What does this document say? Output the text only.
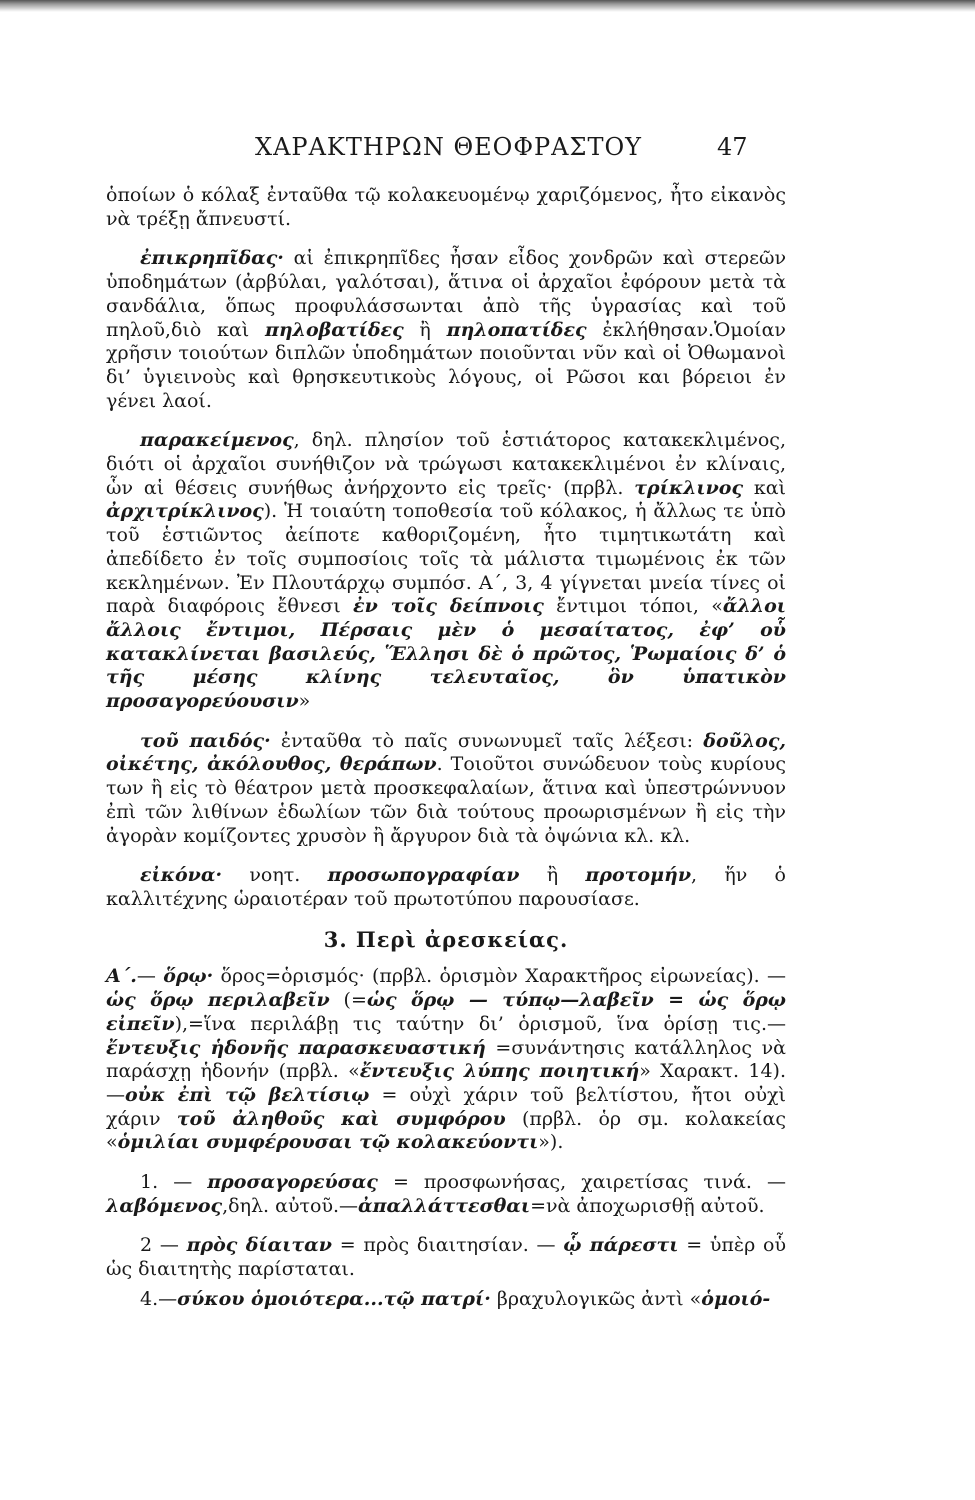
ΧΑΡΑΚΤΗΡΩΝ ΘΕΟΦΡΑΣΤΟΥ	47

ὁποίων ὁ κόλαξ ἐνταῦθα τῷ κολακευομένῳ χαριζόμενος, ἦτο εἰκανὸς νὰ τρέξῃ ἄπνευστί.

ἐπικρηπῖδας· αἱ ἐπικρηπῖδες ἦσαν εἶδος χονδρῶν καὶ στερεῶν ὑποδημάτων (ἀρβύλαι, γαλότσαι), ἅτινα οἱ ἀρχαῖοι ἐφόρουν μετὰ τὰ σανδάλια, ὅπως προφυλάσσωνται ἀπὸ τῆς ὑγρασίας καὶ τοῦ πηλοῦ,διὸ καὶ πηλοβατίδες ἢ πηλοπατίδες ἐκλήθησαν.Ὁμοίαν χρῆσιν τοιούτων διπλῶν ὑποδημάτων ποιοῦνται νῦν καὶ οἱ Ὀθωμανοὶ δι’ ὑγιεινοὺς καὶ θρησκευτικοὺς λόγους, οἱ Ρῶσοι και βόρειοι ἐν γένει λαοί.

παρακείμενος, δηλ. πλησίον τοῦ ἑστιάτορος κατακεκλιμένος, διότι οἱ ἀρχαῖοι συνήθιζον νὰ τρώγωσι κατακεκλιμένοι ἐν κλίναις, ὧν αἱ θέσεις συνήθως ἀνήρχοντο εἰς τρεῖς· (πρβλ. τρίκλινος καὶ ἀρχιτρίκλινος). Ἡ τοιαύτη τοποθεσία τοῦ κόλακος, ἡ ἄλλως τε ὑπὸ τοῦ ἑστιῶντος ἀείποτε καθοριζομένη, ἦτο τιμητικωτάτη καὶ ἀπεδίδετο ἐν τοῖς συμποσίοις τοῖς τὰ μάλιστα τιμωμένοις ἐκ τῶν κεκλημένων. Ἐν Πλουτάρχῳ συμπόσ. Α΄, 3, 4 γίγνεται μνεία τίνες οἱ παρὰ διαφόροις ἔθνεσι ἐν τοῖς δείπνοις ἔντιμοι τόποι, «ἄλλοι ἄλλοις ἔντιμοι, Πέρσαις μὲν ὁ μεσαίτατος, ἐφ’ οὗ κατακλίνεται βασιλεύς, Ἕλλησι δὲ ὁ πρῶτος, Ῥωμαίοις δ’ ὁ τῆς μέσης κλίνης τελευταῖος, ὃν ὑπατικὸν προσαγορεύουσιν»

τοῦ παιδός· ἐνταῦθα τὸ παῖς συνωνυμεῖ ταῖς λέξεσι: δοῦλος, οἰκέτης, ἀκόλουθος, θεράπων. Τοιοῦτοι συνώδευον τοὺς κυρίους των ἢ εἰς τὸ θέατρον μετὰ προσκεφαλαίων, ἅτινα καὶ ὑπεστρώννυον ἐπὶ τῶν λιθίνων ἑδωλίων τῶν διὰ τούτους προωρισμένων ἢ εἰς τὴν ἀγορὰν κομίζοντες χρυσὸν ἢ ἄργυρον διὰ τὰ ὀψώνια κλ. κλ.

εἰκόνα· νοητ. προσωπογραφίαν ἢ προτομήν, ἥν ὁ καλλιτέχνης ὡραιοτέραν τοῦ πρωτοτύπου παρουσίασε.

3. Περὶ ἀρεσκείας.

Α΄.— ὅρῳ· ὅρος=ὁρισμός· (πρβλ. ὁρισμὸν Χαρακτῆρος εἰρωνείας). — ὡς ὅρῳ περιλαβεῖν (=ὡς ὅρῳ — τύπῳ—λαβεῖν = ὡς ὅρῳ εἰπεῖν),=ἵνα περιλάβῃ τις ταύτην δι’ ὁρισμοῦ, ἵνα ὁρίσῃ τις.—ἔντευξις ἡδονῆς παρασκευαστική =συνάντησις κατάλληλος νὰ παράσχῃ ἡδονήν (πρβλ. «ἔντευξις λύπης ποιητική» Χαρακτ. 14). —οὐκ ἐπὶ τῷ βελτίσιῳ = οὐχὶ χάριν τοῦ βελτίστου, ἤτοι οὐχὶ χάριν τοῦ ἀληθοῦς καὶ συμφόρου (πρβλ. ὁρ σμ. κολακείας «ὁμιλίαι συμφέρουσαι τῷ κολακεύοντι»).

1. — προσαγορεύσας = προσφωνήσας, χαιρετίσας τινά. — λαβόμενος,δηλ. αὐτοῦ.—ἀπαλλάττεσθαι=νὰ ἀποχωρισθῇ αὐτοῦ.

2 — πρὸς δίαιταν = πρὸς διαιτησίαν. — ᾧ πάρεστι = ὑπὲρ οὗ ὡς διαιτητὴς παρίσταται.

4.—σύκου ὁμοιότερα...τῷ πατρί· βραχυλογικῶς ἀντὶ «ὁμοιό-
